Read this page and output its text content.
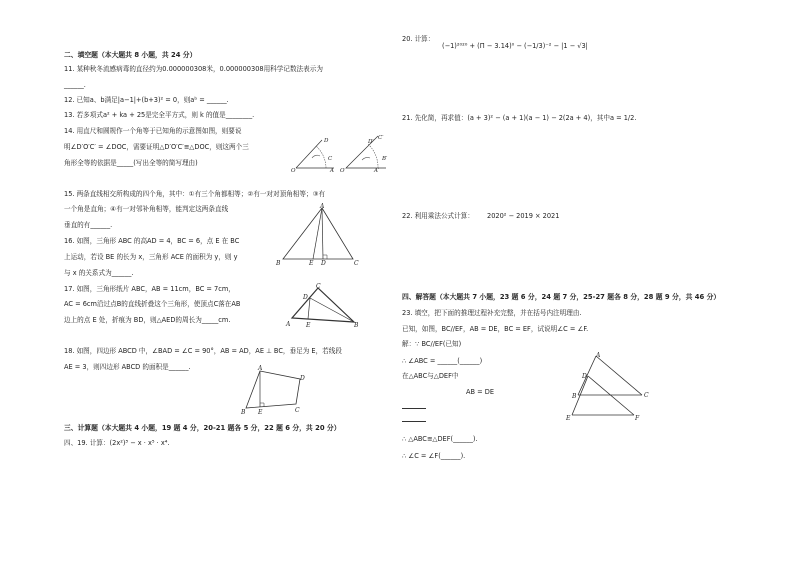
二、填空题（本大题共 8 小题，共 24 分）
11. 某种秋冬流感病毒的直径约为0.000000308米，0.000000308用科学记数法表示为
______.
12. 已知a、b满足|a−1|+(b+3)² = 0，则aᵇ = ______.
13. 若多项式a² + ka + 25是完全平方式，则 k 的值是________.
14. 用直尺和圆规作一个角等于已知角的示意图如图，则要说
明∠D′O′C′ = ∠DOC，需要证明△D′O′C′≅△DOC，则这两个三
角形全等的依据是_____(写出全等的简写理由)
D
C
O	A
D′
C′
O′	A′
B′
15. 两条直线相交所构成的四个角，其中：①有三个角都相等；②有一对对顶角相等；③有
一个角是直角；④有一对邻补角相等，能判定这两条直线
垂直的有______.
16. 如图，三角形 ABC 的高AD = 4，BC = 6，点 E 在 BC
上运动，若设 BE 的长为 x，三角形 ACE 的面积为 y，则 y
与 x 的关系式为______.
A
B	E D	C
17. 如图，三角形纸片 ABC，AB = 11cm，BC = 7cm，
AC = 6cm沿过点B的直线折叠这个三角形，使顶点C落在AB
边上的点 E 处，折痕为 BD，则△AED的周长为_____cm.
C
D
A	E	B
18. 如图，四边形 ABCD 中，∠BAD = ∠C = 90°，AB = AD，AE ⊥ BC，垂足为 E，若线段
AE = 3，则四边形 ABCD 的面积是______.	A
D
B E	C
三、计算题（本大题共 4 小题，19 题 4 分，20-21 题各 5 分，22 题 6 分，共 20 分）
四、19. 计算：(2x²)³ − x · x⁵ · x⁴.
20. 计算：
(−1)²⁰²⁰ + (Π − 3.14)⁰ − (−1/3)⁻² − |1 − √3|
21. 先化简，再求值：(a + 3)² − (a + 1)(a − 1) − 2(2a + 4)，其中a = 1/2.
22. 利用乘法公式计算： 2020² − 2019 × 2021
四、解答题（本大题共 7 小题，23 题 6 分，24 题 7 分，25-27 题各 8 分，28 题 9 分，共 46 分）
23. 填空，把下面的推理过程补充完整，并在括号内注明理由.
已知，如图，BC//EF，AB = DE，BC = EF，试说明∠C = ∠F.
解：∵ BC//EF(已知)
∴ ∠ABC = ______(______)
在△ABC与△DEF中
AB = DE
∴ △ABC≌△DEF(______).
∴ ∠C = ∠F(______).
A
D
C
B
E	F
